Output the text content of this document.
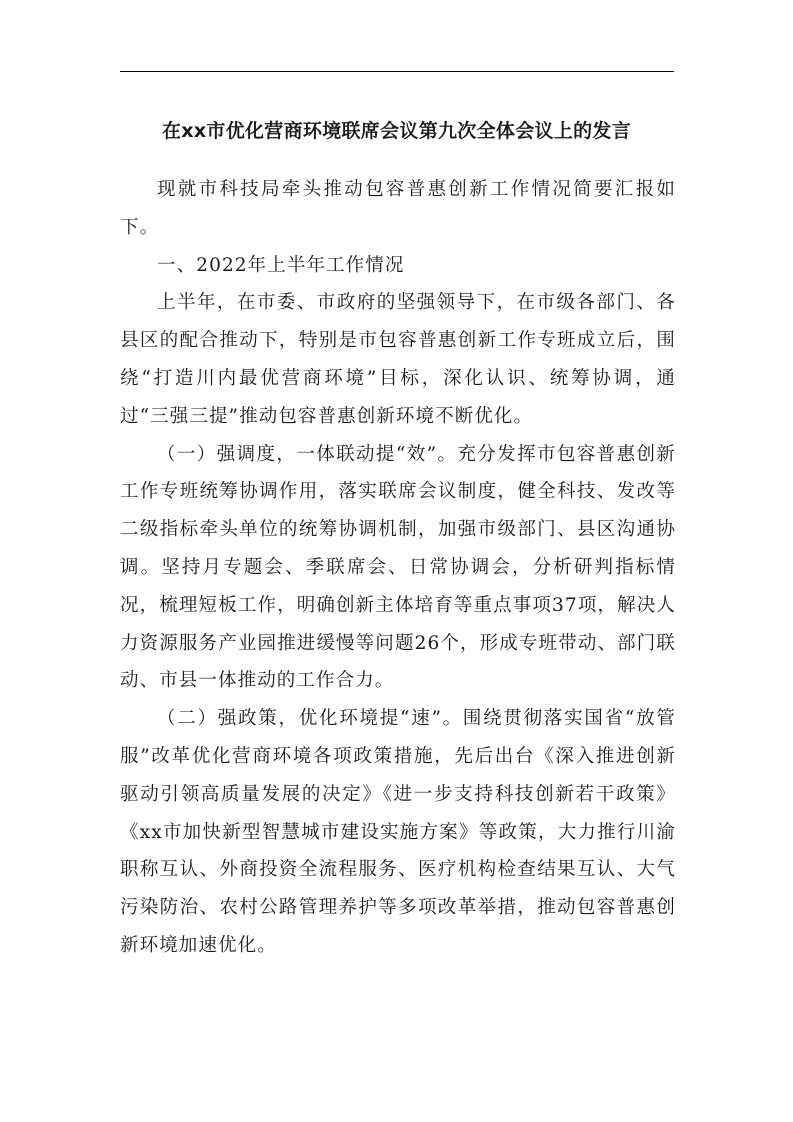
在xx市优化营商环境联席会议第九次全体会议上的发言

现就市科技局牵头推动包容普惠创新工作情况简要汇报如下。

一、2022年上半年工作情况

上半年，在市委、市政府的坚强领导下，在市级各部门、各县区的配合推动下，特别是市包容普惠创新工作专班成立后，围绕“打造川内最优营商环境”目标，深化认识、统筹协调，通过“三强三提”推动包容普惠创新环境不断优化。

（一）强调度，一体联动提“效”。充分发挥市包容普惠创新工作专班统筹协调作用，落实联席会议制度，健全科技、发改等二级指标牵头单位的统筹协调机制，加强市级部门、县区沟通协调。坚持月专题会、季联席会、日常协调会，分析研判指标情况，梳理短板工作，明确创新主体培育等重点事项37项，解决人力资源服务产业园推进缓慢等问题26个，形成专班带动、部门联动、市县一体推动的工作合力。

（二）强政策，优化环境提“速”。围绕贯彻落实国省“放管服”改革优化营商环境各项政策措施，先后出台《深入推进创新驱动引领高质量发展的决定》《进一步支持科技创新若干政策》《xx市加快新型智慧城市建设实施方案》等政策，大力推行川渝职称互认、外商投资全流程服务、医疗机构检查结果互认、大气污染防治、农村公路管理养护等多项改革举措，推动包容普惠创新环境加速优化。
